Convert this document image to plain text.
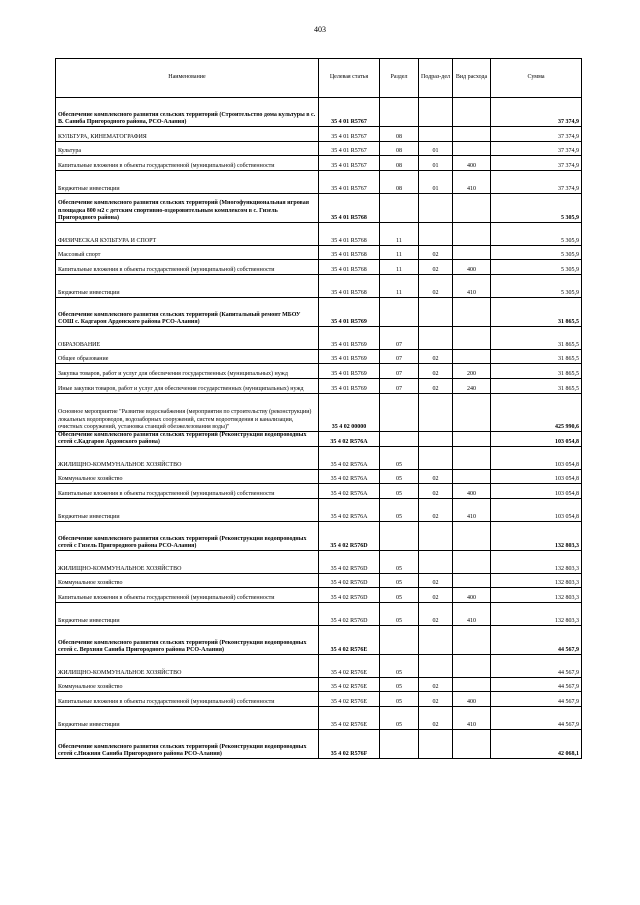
403
Наименование	Целевая статья	Раздел	Подраз-дел	Вид расхода	Сумма
Обеспечение комплексного развития сельских территорий (Строительство дома культуры в с. В. Саниба Пригородного района, РСО-Алания)	35 4 01 R5767				37 374,9
КУЛЬТУРА, КИНЕМАТОГРАФИЯ	35 4 01 R5767	08			37 374,9
Культура	35 4 01 R5767	08	01		37 374,9
Капитальные вложения в объекты государственной (муниципальной) собственности	35 4 01 R5767	08	01	400	37 374,9
Бюджетные инвестиции	35 4 01 R5767	08	01	410	37 374,9
Обеспечение комплексного развития сельских территорий (Многофункциональная игровая площадка 800 м2 с детским спортивно-оздоровительным комплексом в с. Гизель Пригородного района)	35 4 01 R5768				5 305,9
ФИЗИЧЕСКАЯ КУЛЬТУРА И СПОРТ	35 4 01 R5768	11			5 305,9
Массовый спорт	35 4 01 R5768	11	02		5 305,9
Капитальные вложения в объекты государственной (муниципальной) собственности	35 4 01 R5768	11	02	400	5 305,9
Бюджетные инвестиции	35 4 01 R5768	11	02	410	5 305,9
Обеспечение комплексного развития сельских территорий (Капитальный ремонт МБОУ СОШ с. Кадгарон Ардонского района РСО-Алания)	35 4 01 R5769				31 865,5
ОБРАЗОВАНИЕ	35 4 01 R5769	07			31 865,5
Общее образование	35 4 01 R5769	07	02		31 865,5
Закупка товаров, работ и услуг для обеспечения государственных (муниципальных) нужд	35 4 01 R5769	07	02	200	31 865,5
Иные закупки товаров, работ и услуг для обеспечения государственных (муниципальных) нужд	35 4 01 R5769	07	02	240	31 865,5
Основное мероприятие "Развитие водоснабжения (мероприятия по строительству (реконструкции) локальных водопроводов, водозаборных сооружений, систем водоотведения и канализации, очистных сооружений, установка станций обезжелезования воды)"	35 4 02 00000				425 990,6
Обеспечение комплексного развития сельских территорий (Реконструкция водопроводных сетей с.Кадгарон Ардонского района)	35 4 02 R576A				103 054,8
ЖИЛИЩНО-КОММУНАЛЬНОЕ ХОЗЯЙСТВО	35 4 02 R576A	05			103 054,8
Коммунальное хозяйство	35 4 02 R576A	05	02		103 054,8
Капитальные вложения в объекты государственной (муниципальной) собственности	35 4 02 R576A	05	02	400	103 054,8
Бюджетные инвестиции	35 4 02 R576A	05	02	410	103 054,8
Обеспечение комплексного развития сельских территорий (Реконструкция водопроводных сетей с Гизель Пригородного района РСО-Алания)	35 4 02 R576D				132 803,3
ЖИЛИЩНО-КОММУНАЛЬНОЕ ХОЗЯЙСТВО	35 4 02 R576D	05			132 803,3
Коммунальное хозяйство	35 4 02 R576D	05	02		132 803,3
Капитальные вложения в объекты государственной (муниципальной) собственности	35 4 02 R576D	05	02	400	132 803,3
Бюджетные инвестиции	35 4 02 R576D	05	02	410	132 803,3
Обеспечение комплексного развития сельских территорий (Реконструкция водопроводных сетей с. Верхняя Саниба Пригородного района РСО-Алания)	35 4 02 R576E				44 567,9
ЖИЛИЩНО-КОММУНАЛЬНОЕ ХОЗЯЙСТВО	35 4 02 R576E	05			44 567,9
Коммунальное хозяйство	35 4 02 R576E	05	02		44 567,9
Капитальные вложения в объекты государственной (муниципальной) собственности	35 4 02 R576E	05	02	400	44 567,9
Бюджетные инвестиции	35 4 02 R576E	05	02	410	44 567,9
Обеспечение комплексного развития сельских территорий (Реконструкция водопроводных сетей с.Нижняя Саниба Пригородного района РСО-Алания)	35 4 02 R576F				42 068,1
